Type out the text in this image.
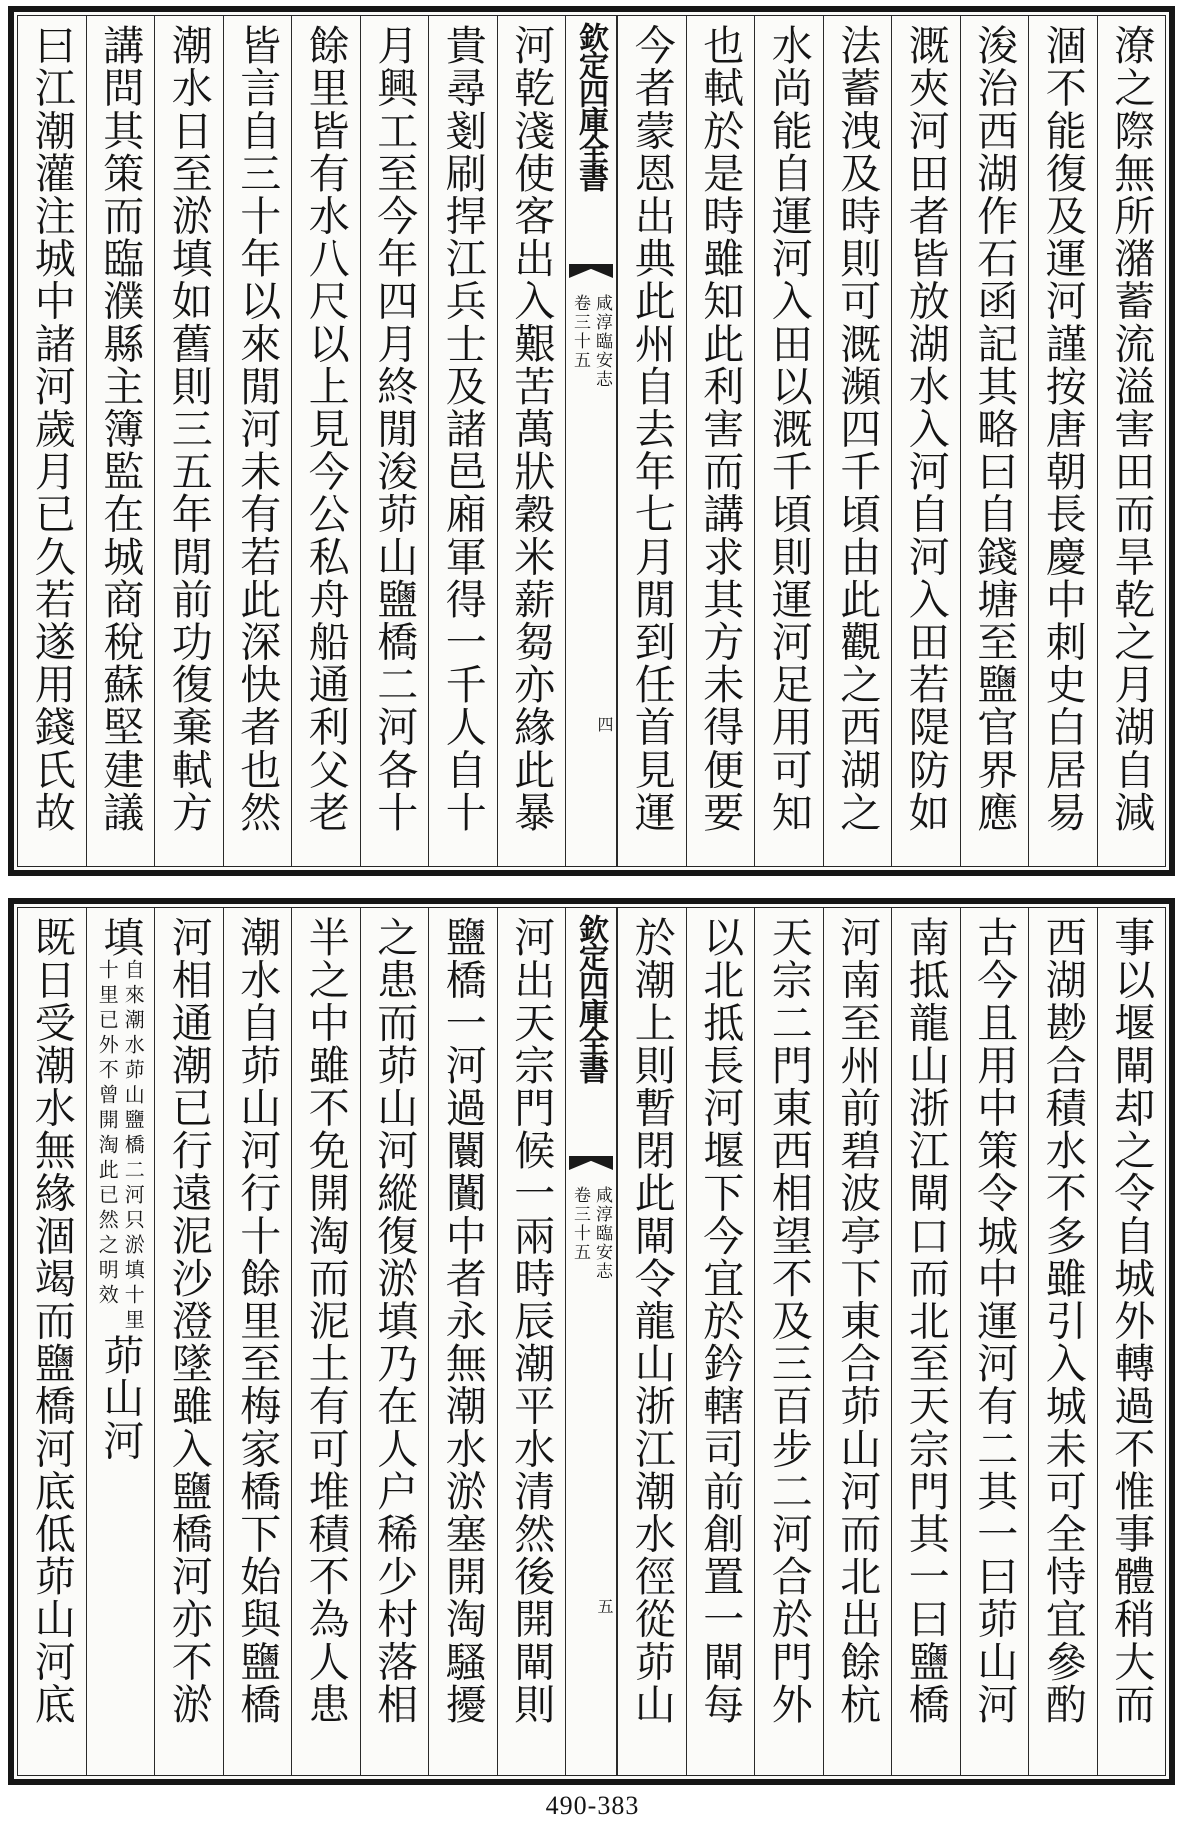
潦之際無所潴蓄流溢害田而旱乾之月湖自減
涸不能復及運河謹按唐朝長慶中刺史白居易
浚治西湖作石函記其略曰自錢塘至鹽官界應
溉夾河田者皆放湖水入河自河入田若隄防如
法蓄洩及時則可溉瀕四千頃由此觀之西湖之
水尚能自運河入田以溉千頃則運河足用可知
也軾於是時雖知此利害而講求其方未得便要
今者蒙恩出典此州自去年七月閒到任首見運
欽定四庫全書
咸淳臨安志
卷三十五
四
河乾淺使客出入艱苦萬狀穀米薪芻亦緣此暴
貴尋剗刷捍江兵士及諸邑廂軍得一千人自十
月興工至今年四月終閒浚茆山鹽橋二河各十
餘里皆有水八尺以上見今公私舟船通利父老
皆言自三十年以來閒河未有若此深快者也然
潮水日至淤填如舊則三五年閒前功復棄軾方
講問其策而臨濮縣主簿監在城商稅蘇堅建議
曰江潮灌注城中諸河歲月已久若遂用錢氏故
事以堰閘却之令自城外轉過不惟事體稍大而
西湖尠合積水不多雖引入城未可全恃宜參酌
古今且用中策令城中運河有二其一曰茆山河
南抵龍山浙江閘口而北至天宗門其一曰鹽橋
河南至州前碧波亭下東合茆山河而北出餘杭
天宗二門東西相望不及三百步二河合於門外
以北抵長河堰下今宜於鈐轄司前創置一閘每
於潮上則暫閉此閘令龍山浙江潮水徑從茆山
欽定四庫全書
咸淳臨安志
卷三十五
五
河出天宗門候一兩時辰潮平水清然後開閘則
鹽橋一河過闤闠中者永無潮水淤塞開淘騷擾
之患而茆山河縱復淤填乃在人户稀少村落相
半之中雖不免開淘而泥土有可堆積不為人患
潮水自茆山河行十餘里至梅家橋下始與鹽橋
河相通潮已行遠泥沙澄墜雖入鹽橋河亦不淤
填
自來潮水茆山鹽橋二河只淤填十里
十里已外不曾開淘此已然之明效
茆山河
既日受潮水無緣涸竭而鹽橋河底低茆山河底
490-383
